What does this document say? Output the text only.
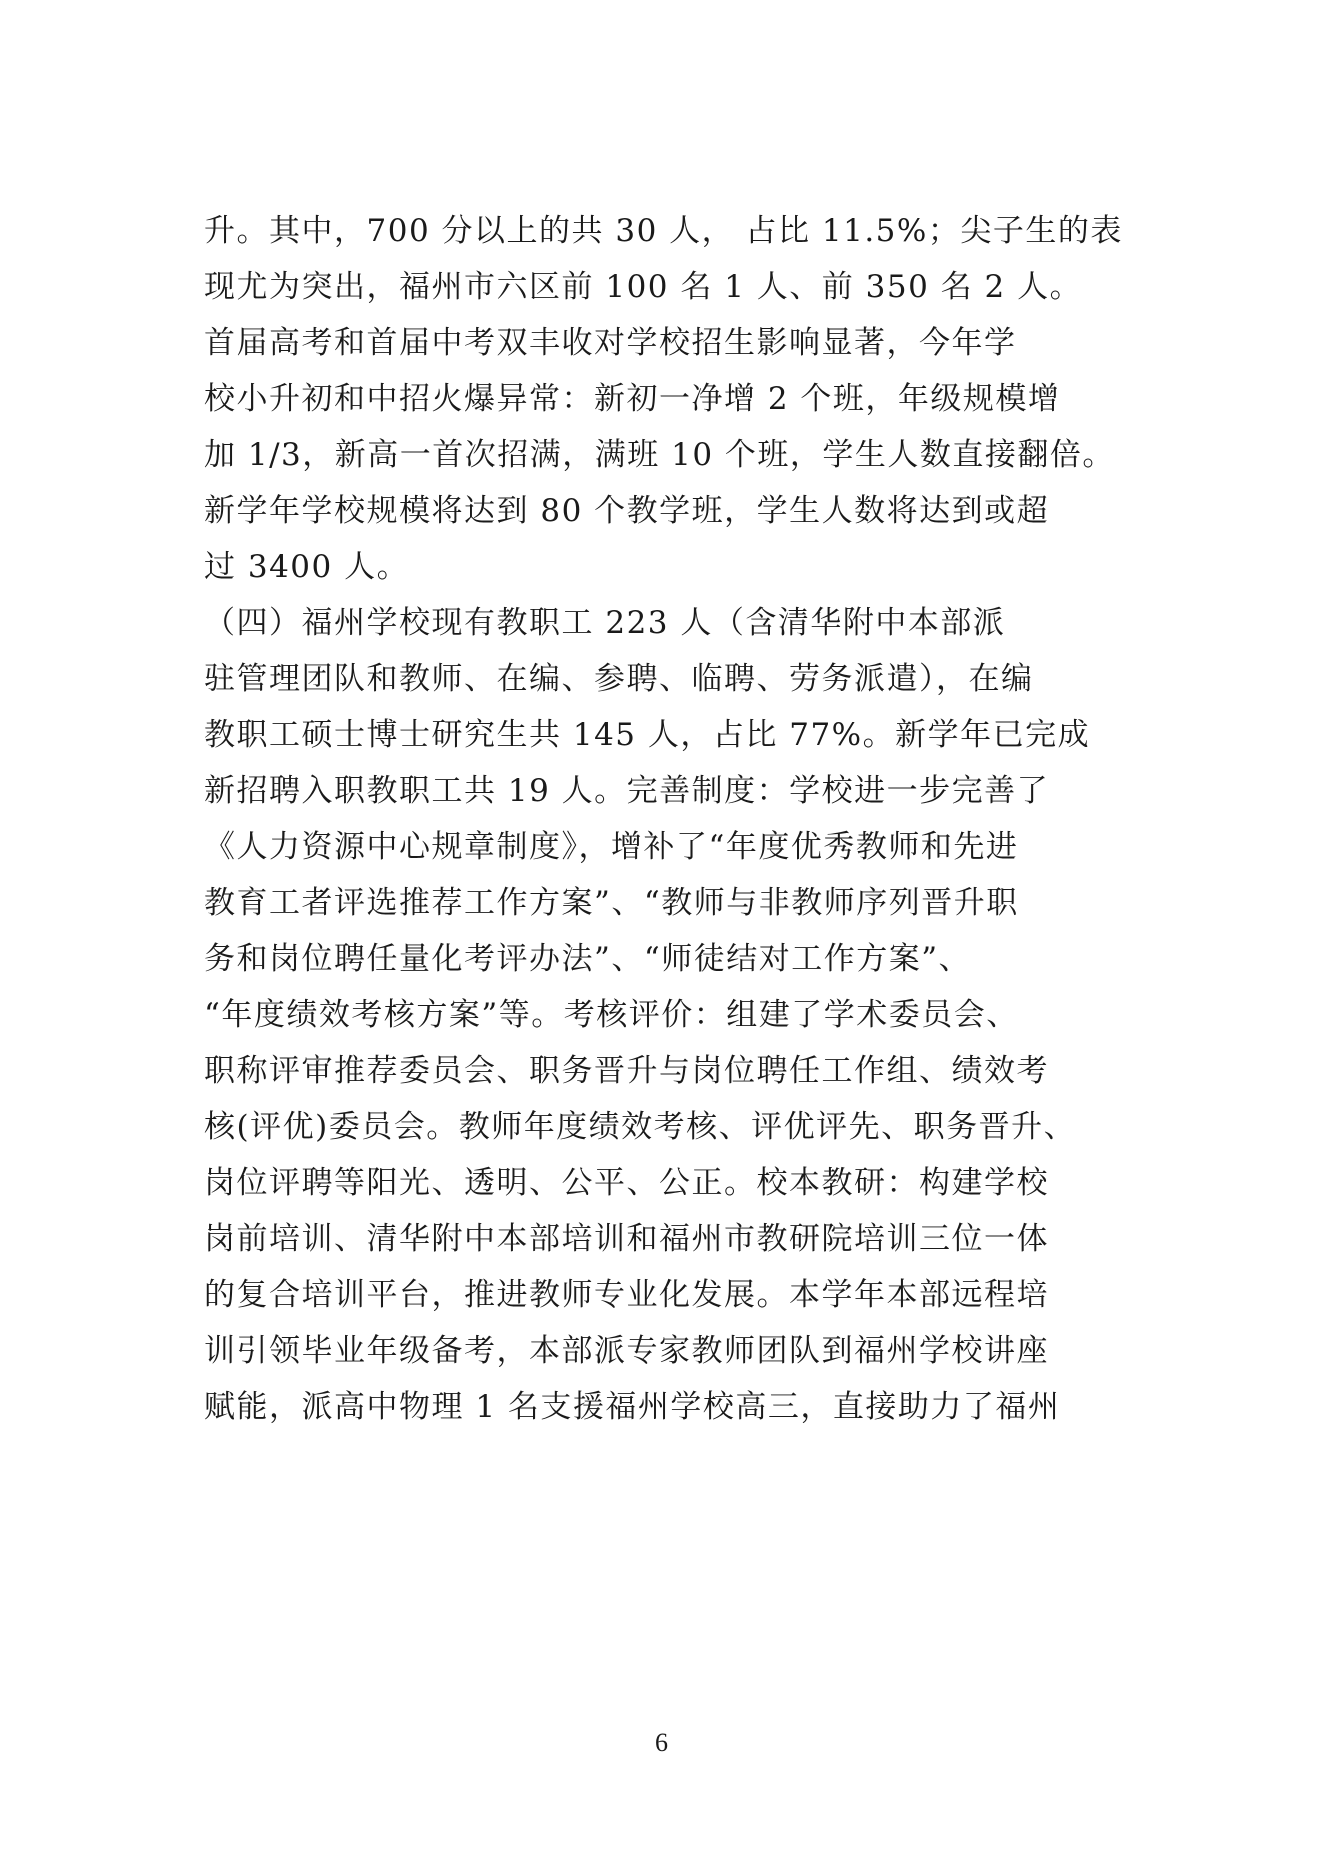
升。其中，700 分以上的共 30 人， 占比 11.5%；尖子生的表
现尤为突出，福州市六区前 100 名 1 人、前 350 名 2 人。
首届高考和首届中考双丰收对学校招生影响显著，今年学
校小升初和中招火爆异常：新初一净增 2 个班，年级规模增
加 1/3，新高一首次招满，满班 10 个班，学生人数直接翻倍。
新学年学校规模将达到 80 个教学班，学生人数将达到或超
过 3400 人。
（四）福州学校现有教职工 223 人（含清华附中本部派
驻管理团队和教师、在编、参聘、临聘、劳务派遣），在编
教职工硕士博士研究生共 145 人，占比 77%。新学年已完成
新招聘入职教职工共 19 人。完善制度：学校进一步完善了
《人力资源中心规章制度》，增补了“年度优秀教师和先进
教育工者评选推荐工作方案”、“教师与非教师序列晋升职
务和岗位聘任量化考评办法”、“师徒结对工作方案”、
“年度绩效考核方案”等。考核评价：组建了学术委员会、
职称评审推荐委员会、职务晋升与岗位聘任工作组、绩效考
核(评优)委员会。教师年度绩效考核、评优评先、职务晋升、
岗位评聘等阳光、透明、公平、公正。校本教研：构建学校
岗前培训、清华附中本部培训和福州市教研院培训三位一体
的复合培训平台，推进教师专业化发展。本学年本部远程培
训引领毕业年级备考，本部派专家教师团队到福州学校讲座
赋能，派高中物理 1 名支援福州学校高三，直接助力了福州
6
